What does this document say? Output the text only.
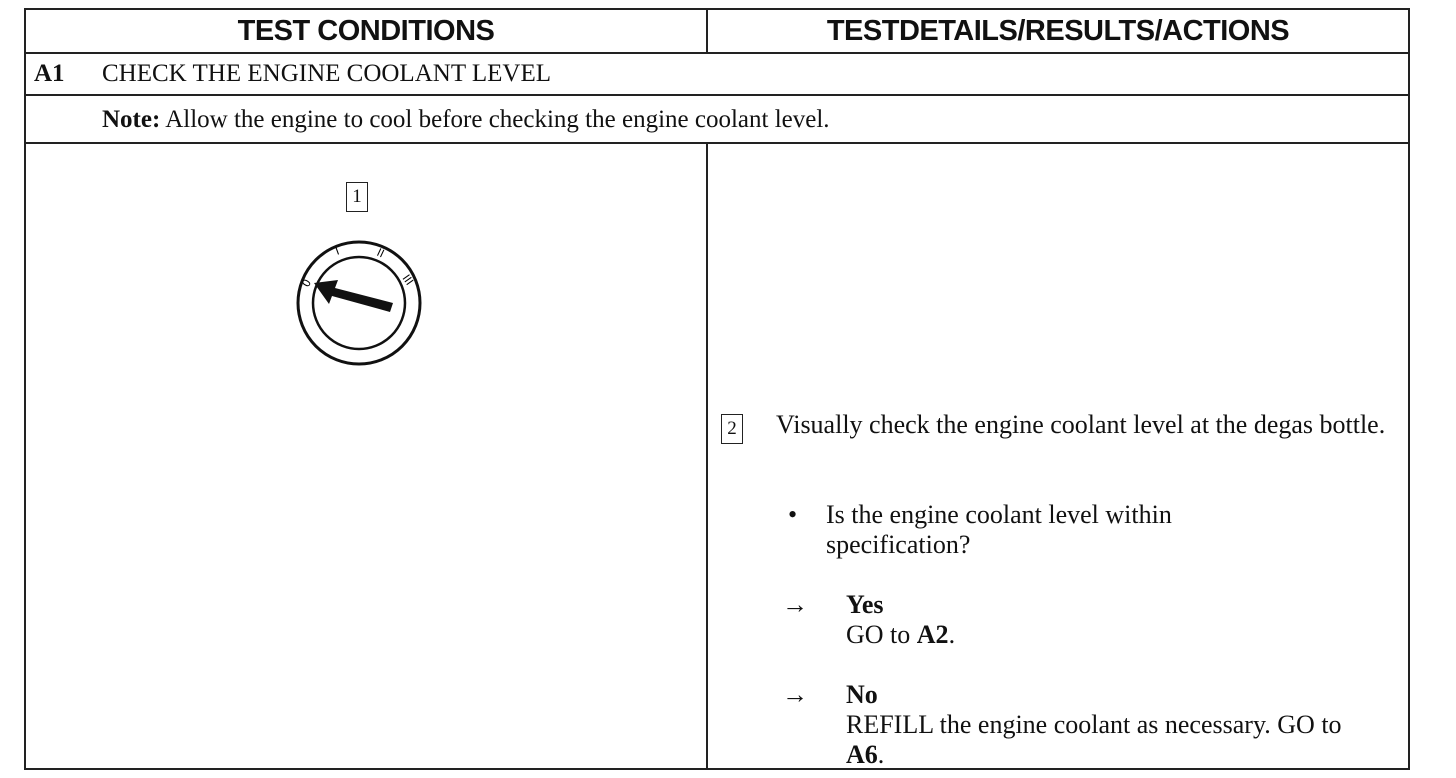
TEST CONDITIONS	TESTDETAILS/RESULTS/ACTIONS
A1 CHECK THE ENGINE COOLANT LEVEL
Note: Allow the engine to cool before checking the engine coolant level.
1
0
I	II
III
2 Visually check the engine coolant level at the degas bottle.
• Is the engine coolant level within specification?
→ Yes
GO to A2.
→ No
REFILL the engine coolant as necessary. GO to A6.
